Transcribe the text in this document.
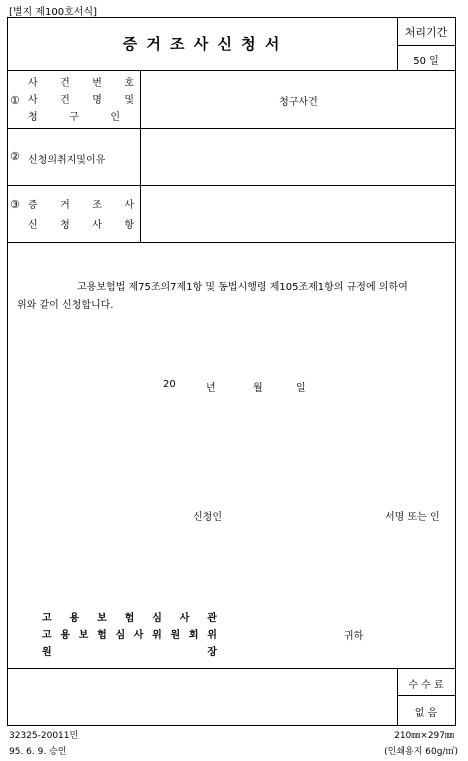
[별지 제100호서식]
증 거 조 사 신 청 서
처리기간
50 일
①
사 건 번 호
사 건 명 및
청	구	인
청구사건
② 신청의취지및이유
③ 증 거 조 사
신 청 사 항
고용보험법 제75조의7제1항 및 동법시행령 제105조제1항의 규정에 의하여
위와 같이 신청합니다.
20	년	월	일
신청인	서명 또는 인
고 용 보 험 심 사 관
고 용 보 험 심 사 위 원 회 위
원	장
귀하
수 수 료
없 음
32325-20011민	210㎜×297㎜
95. 6. 9. 승인	(인쇄용지 60g/㎡)
